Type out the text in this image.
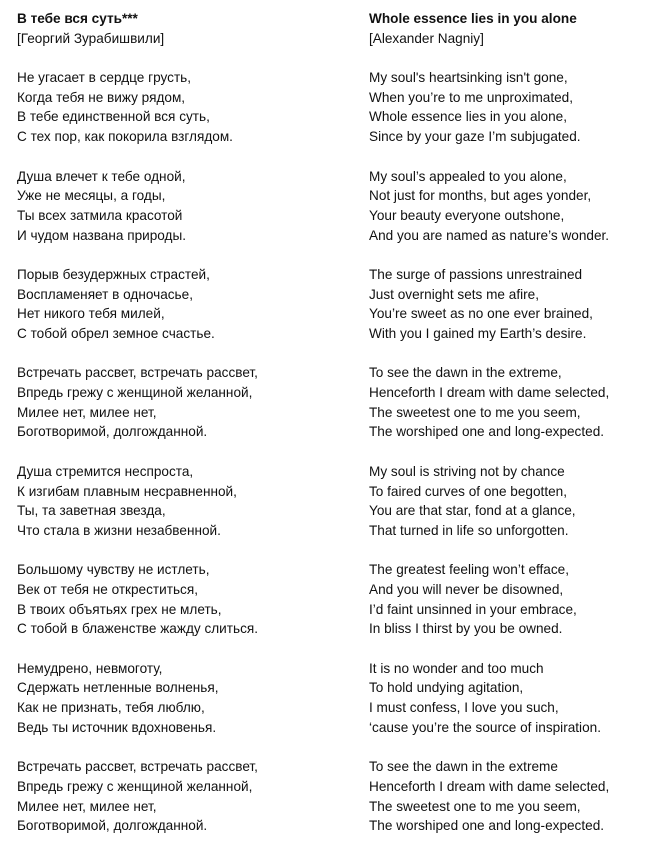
В тебе вся суть***
[Георгий Зурабишвили]
Не угасает в сердце грусть,
Когда тебя не вижу рядом,
В тебе единственной вся суть,
С тех пор, как покорила взглядом.
Душа влечет к тебе одной,
Уже не месяцы, а годы,
Ты всех затмила красотой
И чудом названа природы.
Порыв безудержных страстей,
Воспламеняет в одночасье,
Нет никого тебя милей,
С тобой обрел земное счастье.
Встречать рассвет, встречать рассвет,
Впредь грежу с женщиной желанной,
Милее нет, милее нет,
Боготворимой, долгожданной.
Душа стремится неспроста,
К изгибам плавным несравненной,
Ты, та заветная звезда,
Что стала в жизни незабвенной.
Большому чувству не истлеть,
Век от тебя не откреститься,
В твоих объятьях грех не млеть,
С тобой в блаженстве жажду слиться.
Немудрено, невмоготу,
Сдержать нетленные волненья,
Как не признать, тебя люблю,
Ведь ты источник вдохновенья.
Встречать рассвет, встречать рассвет,
Впредь грежу с женщиной желанной,
Милее нет, милее нет,
Боготворимой, долгожданной.
Whole essence lies in you alone
[Alexander Nagniy]
My soul's heartsinking isn't gone,
When you’re to me unproximated,
Whole essence lies in you alone,
Since by your gaze I’m subjugated.
My soul’s appealed to you alone,
Not just for months, but ages yonder,
Your beauty everyone outshone,
And you are named as nature’s wonder.
The surge of passions unrestrained
Just overnight sets me afire,
You’re sweet as no one ever brained,
With you I gained my Earth’s desire.
To see the dawn in the extreme,
Henceforth I dream with dame selected,
The sweetest one to me you seem,
The worshiped one and long-expected.
My soul is striving not by chance
To faired curves of one begotten,
You are that star, fond at a glance,
That turned in life so unforgotten.
The greatest feeling won’t efface,
And you will never be disowned,
I’d faint unsinned in your embrace,
In bliss I thirst by you be owned.
It is no wonder and too much
To hold undying agitation,
I must confess, I love you such,
‘cause you’re the source of inspiration.
To see the dawn in the extreme
Henceforth I dream with dame selected,
The sweetest one to me you seem,
The worshiped one and long-expected.
